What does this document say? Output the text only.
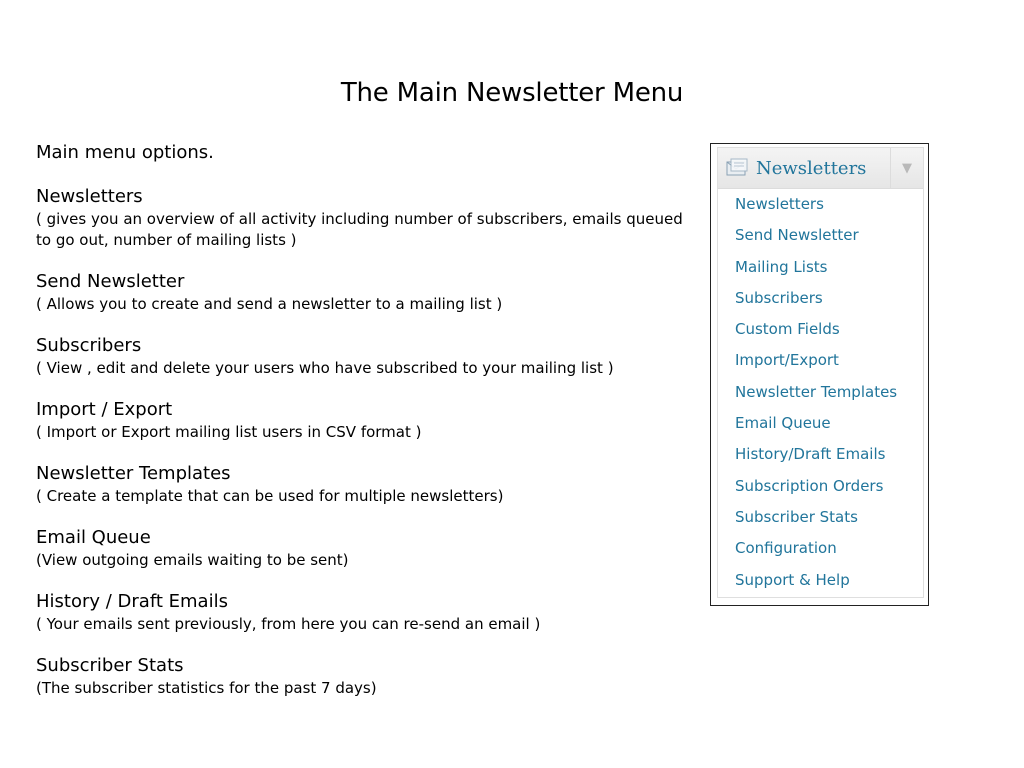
The Main Newsletter Menu
Main menu options.
Newsletters
( gives you an overview of all activity including number of subscribers, emails queued to go out, number of mailing lists )
Send Newsletter
( Allows you to create and send a newsletter to a mailing list )
Subscribers
( View , edit and delete your users who have subscribed to your mailing list )
Import / Export
( Import or Export mailing list users in CSV format )
Newsletter Templates
( Create a template that can be used for multiple newsletters)
Email Queue
(View outgoing emails waiting to be sent)
History / Draft Emails
( Your emails sent previously, from here you can re-send an email )
Subscriber Stats
(The subscriber statistics for the past 7 days)
Newsletters	▼
Newsletters
Send Newsletter
Mailing Lists
Subscribers
Custom Fields
Import/Export
Newsletter Templates
Email Queue
History/Draft Emails
Subscription Orders
Subscriber Stats
Configuration
Support & Help
